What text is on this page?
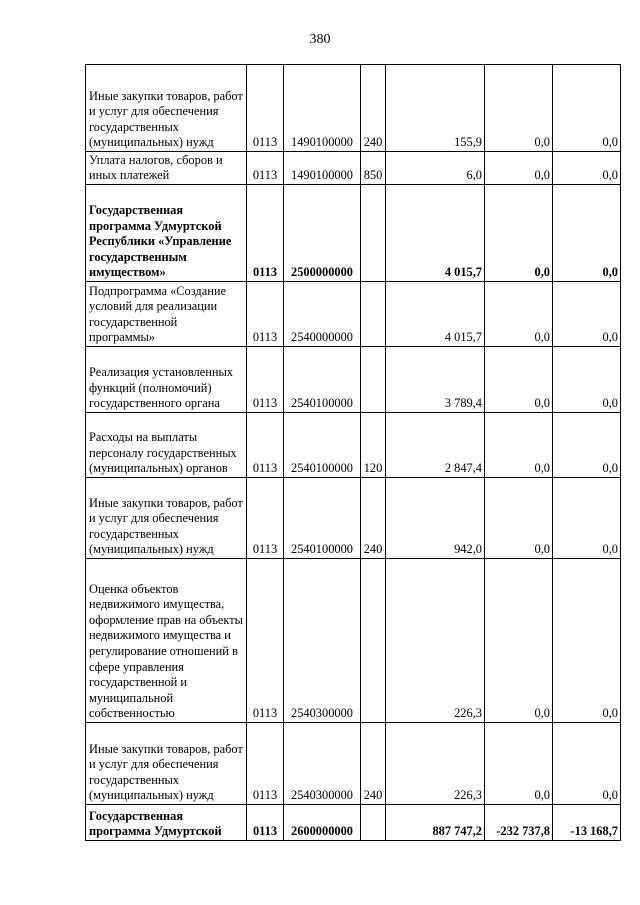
380
Иные закупки товаров, работ и услуг для обеспечения государственных (муниципальных) нужд	0113	1490100000	240	155,9	0,0	0,0
Уплата налогов, сборов и иных платежей	0113	1490100000	850	6,0	0,0	0,0
Государственная программа Удмуртской Республики «Управление государственным имуществом»	0113	2500000000		4 015,7	0,0	0,0
Подпрограмма «Создание условий для реализации государственной программы»	0113	2540000000		4 015,7	0,0	0,0
Реализация установленных функций (полномочий) государственного органа	0113	2540100000		3 789,4	0,0	0,0
Расходы на выплаты персоналу государственных (муниципальных) органов	0113	2540100000	120	2 847,4	0,0	0,0
Иные закупки товаров, работ и услуг для обеспечения государственных (муниципальных) нужд	0113	2540100000	240	942,0	0,0	0,0
Оценка объектов недвижимого имущества, оформление прав на объекты недвижимого имущества и регулирование отношений в сфере управления государственной и муниципальной собственностью	0113	2540300000		226,3	0,0	0,0
Иные закупки товаров, работ и услуг для обеспечения государственных (муниципальных) нужд	0113	2540300000	240	226,3	0,0	0,0
Государственная программа Удмуртской	0113	2600000000		887 747,2	-232 737,8	-13 168,7
